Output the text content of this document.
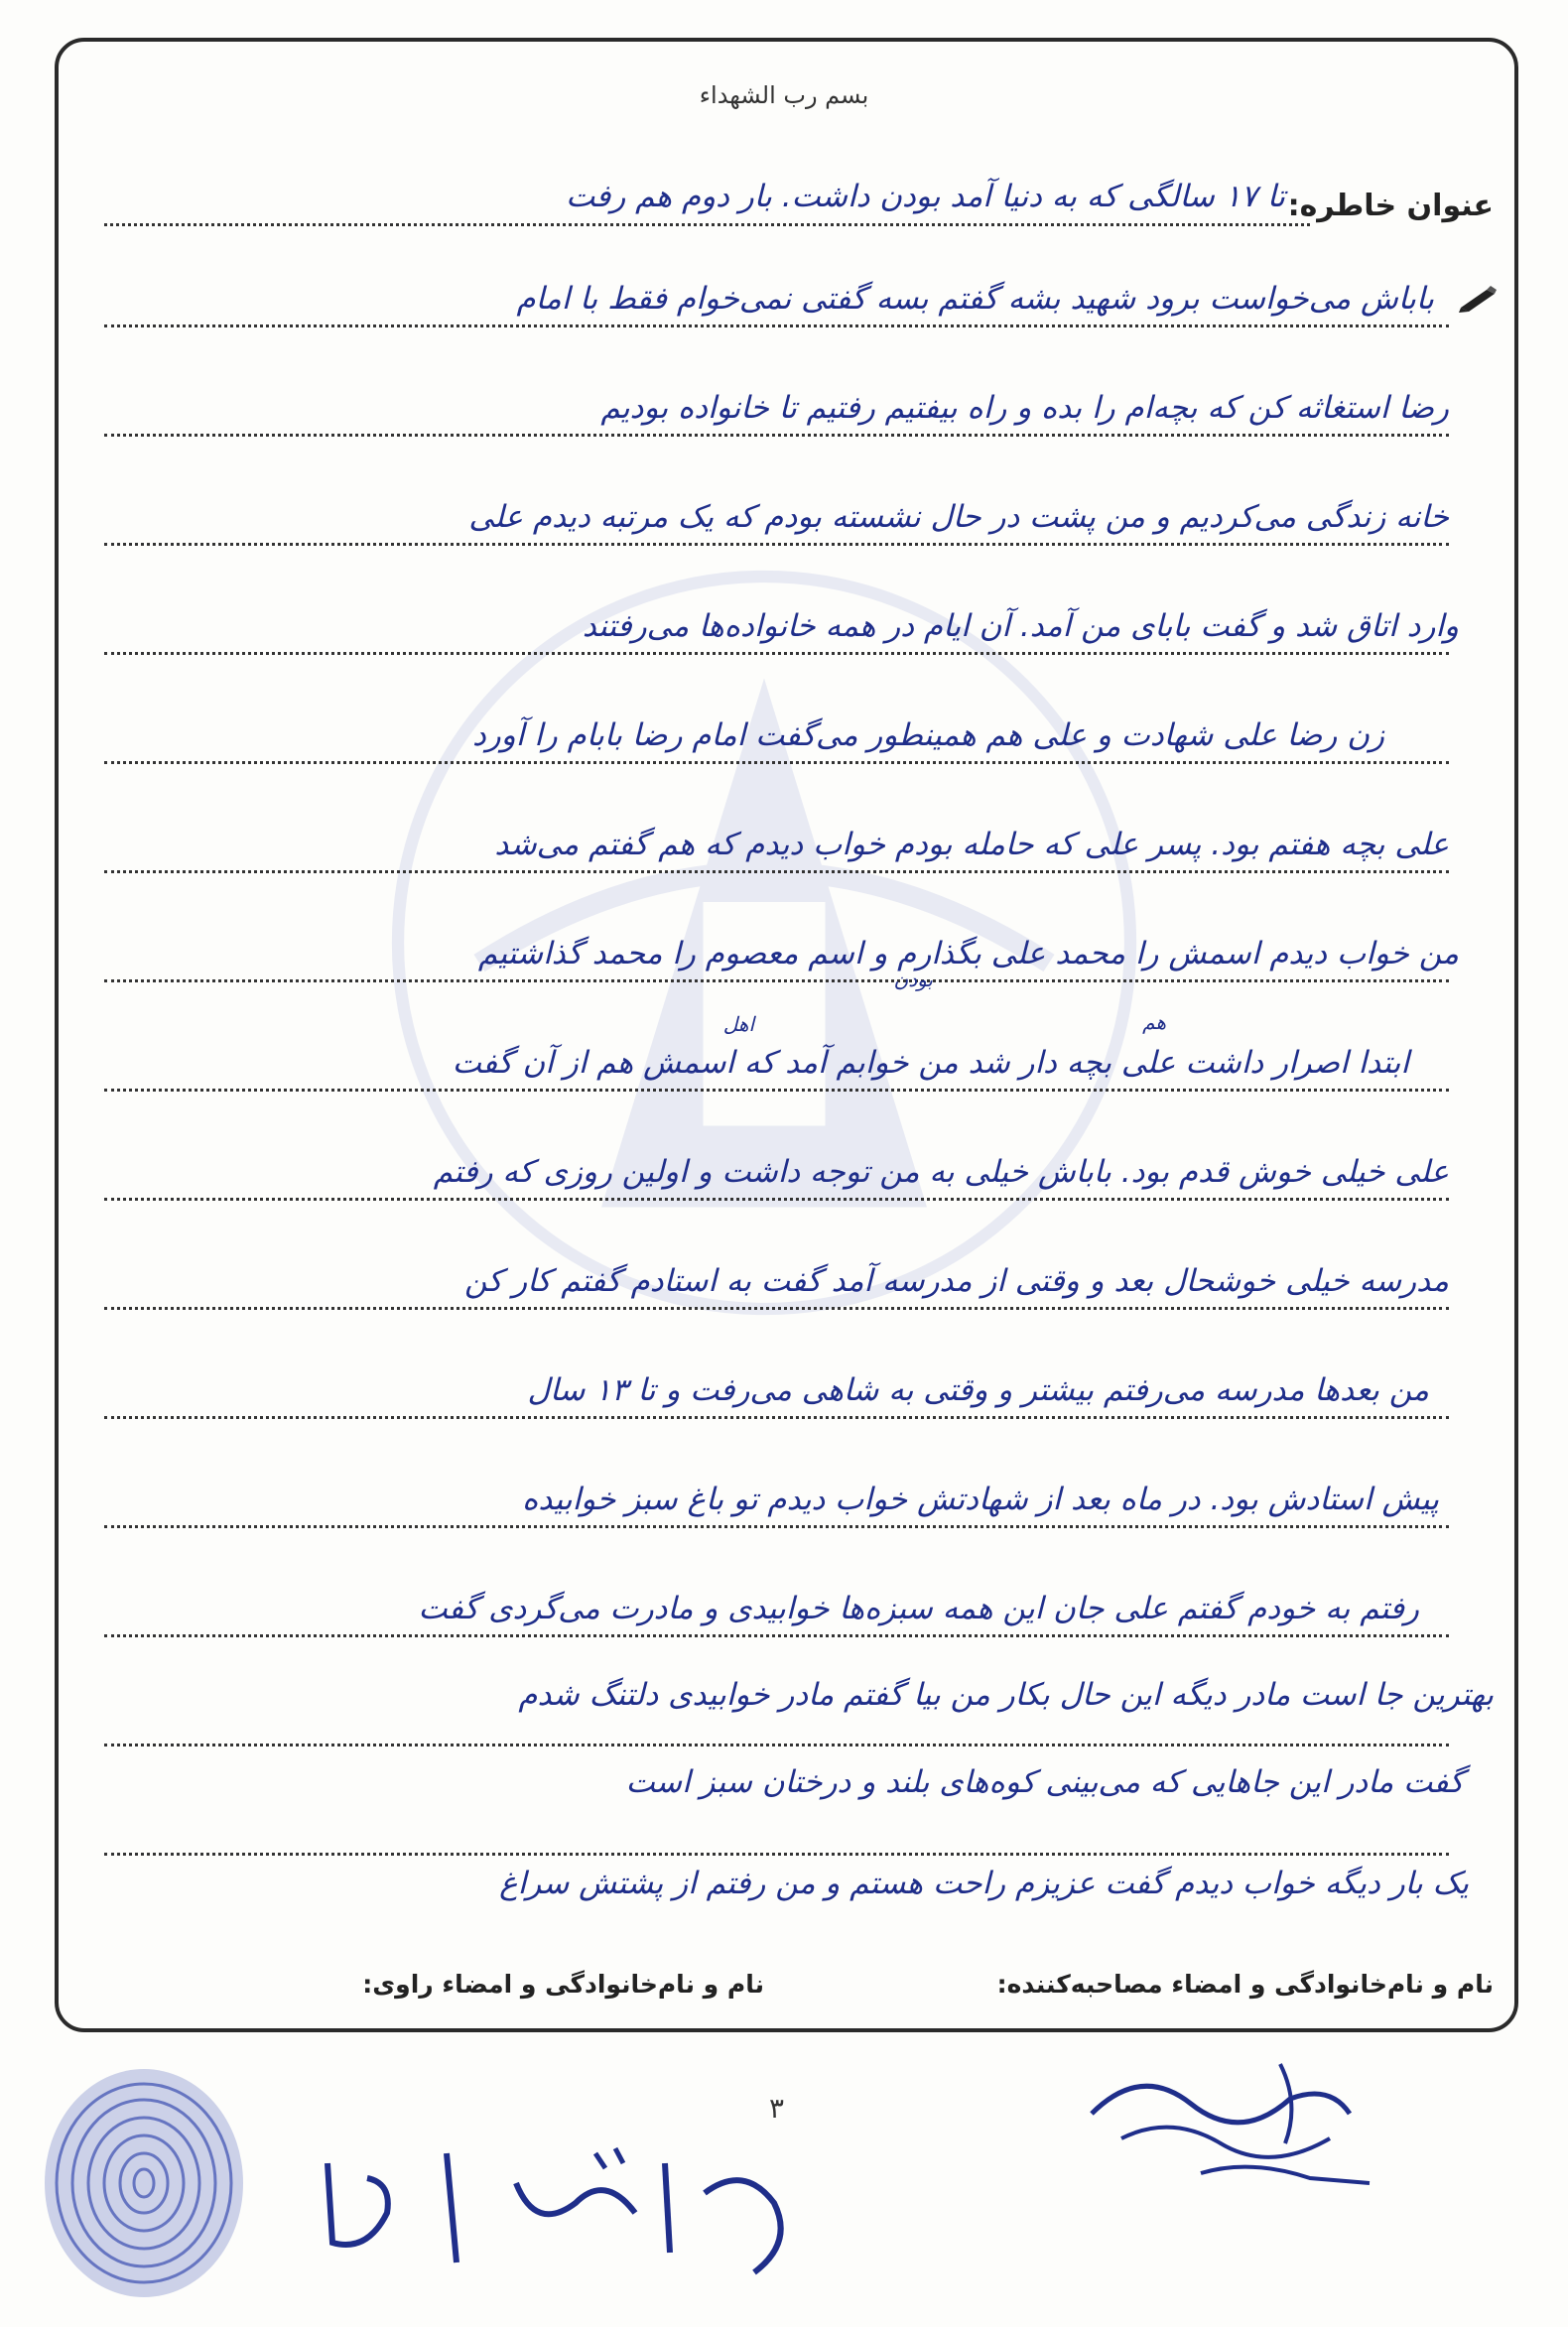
بسم رب الشهداء
عنوان خاطره:
تا ۱۷ سالگی که به دنیا آمد بودن داشت. بار دوم هم رفت
باباش می‌خواست برود شهید بشه گفتم بسه گفتی نمی‌خوام فقط با امام
رضا استغاثه کن که بچه‌ام را بده و راه بیفتیم رفتیم تا خانواده بودیم
خانه زندگی می‌کردیم و من پشت در حال نشسته بودم که یک مرتبه دیدم علی
وارد اتاق شد و گفت بابای من آمد. آن ایام در همه خانواده‌ها می‌رفتند
زن رضا علی شهادت و علی هم همینطور می‌گفت امام رضا بابام را آورد
علی بچه هفتم بود. پسر علی که حامله بودم خواب دیدم که هم گفتم می‌شد
من خواب دیدم اسمش را محمد علی بگذارم و اسم معصوم را محمد گذاشتیم
ابتدا اصرار داشت علی بچه دار شد من خوابم آمد که اسمش هم از آن گفت
علی خیلی خوش قدم بود. باباش خیلی به من توجه داشت و اولین روزی که رفتم
مدرسه خیلی خوشحال بعد و وقتی از مدرسه آمد گفت به استادم گفتم کار کن
من بعدها مدرسه می‌رفتم بیشتر و وقتی به شاهی می‌رفت و تا ۱۳ سال
پیش استادش بود. در ماه بعد از شهادتش خواب دیدم تو باغ سبز خوابیده
رفتم به خودم گفتم علی جان این همه سبزه‌ها خوابیدی و مادرت می‌گردی گفت
بهترین جا است مادر دیگه این حال بکار من بیا گفتم مادر خوابیدی دلتنگ شدم
گفت مادر این جاهایی که می‌بینی کوه‌های بلند و درختان سبز است
یک بار دیگه خواب دیدم گفت عزیزم راحت هستم و من رفتم از پشتش سراغ
بودن
اهل	هم
نام و نام‌خانوادگی و امضاء مصاحبه‌کننده:
نام و نام‌خانوادگی و امضاء راوی:
۳
